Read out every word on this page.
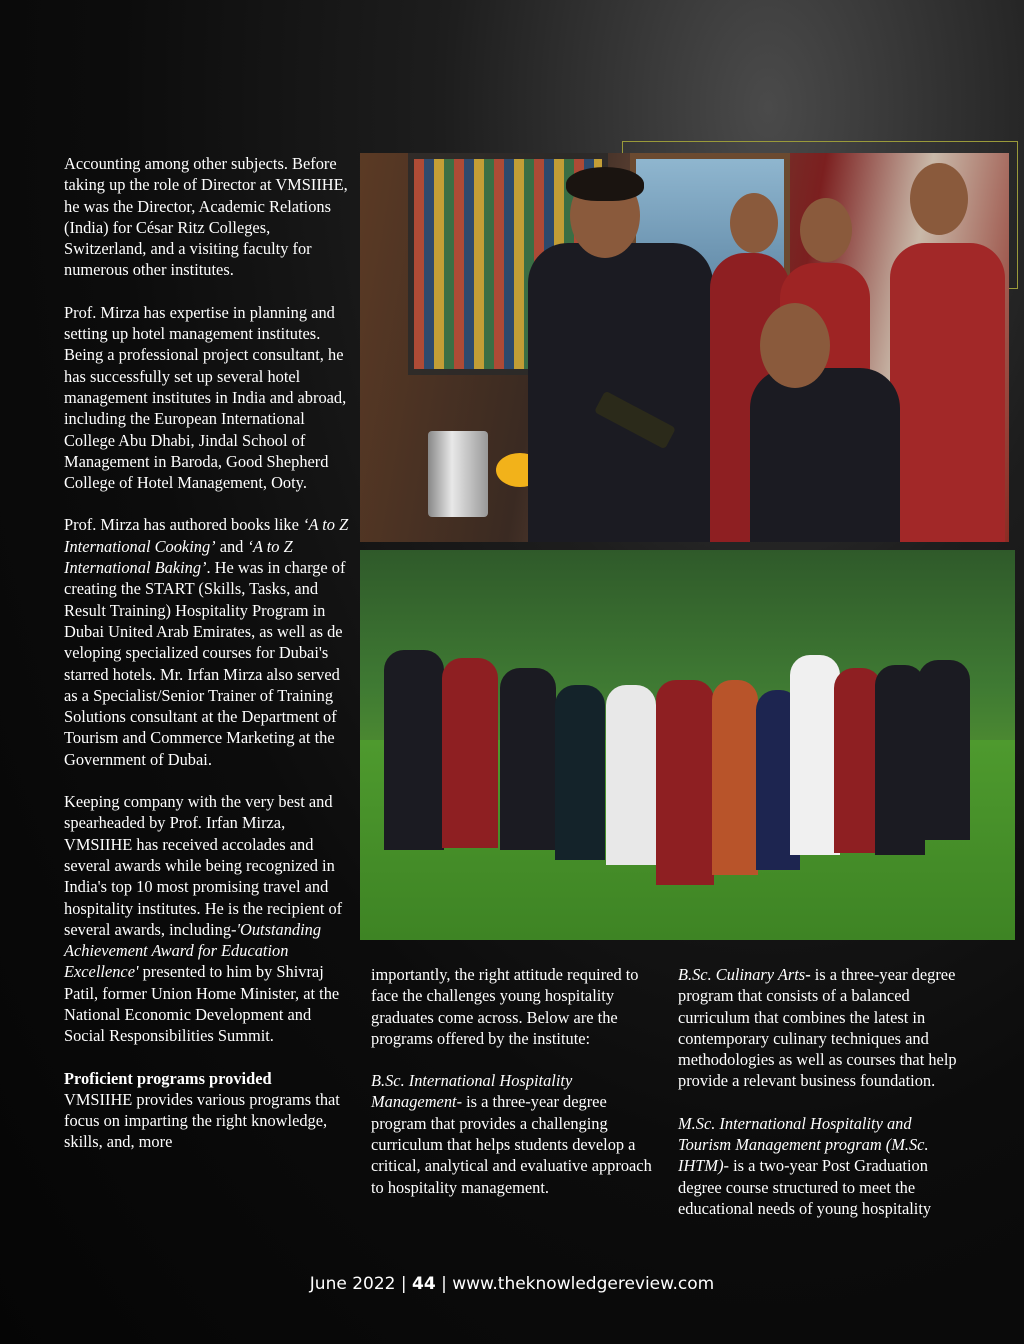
Accounting among other subjects. Before taking up the role of Director at VMSIIHE, he was the Director, Academic Relations (India) for César Ritz Colleges, Switzerland, and a visiting faculty for numerous other institutes.

Prof. Mirza has expertise in planning and setting up hotel management institutes. Being a professional project consultant, he has successfully set up several hotel management institutes in India and abroad, including the European International College Abu Dhabi, Jindal School of Management in Baroda, Good Shepherd College of Hotel Management, Ooty.

Prof. Mirza has authored books like ‘A to Z International Cooking’ and ‘A to Z International Baking’. He was in charge of creating the START (Skills, Tasks, and Result Training) Hospitality Program in Dubai United Arab Emirates, as well as de veloping specialized courses for Dubai's starred hotels. Mr. Irfan Mirza also served as a Specialist/Senior Trainer of Training Solutions consultant at the Department of Tourism and Commerce Marketing at the Government of Dubai.

Keeping company with the very best and spearheaded by Prof. Irfan Mirza, VMSIIHE has received accolades and several awards while being recognized in India's top 10 most promising travel and hospitality institutes. He is the recipient of several awards, including-'Outstanding Achievement Award for Education Excellence' presented to him by Shivraj Patil, former Union Home Minister, at the National Economic Development and Social Responsibilities Summit.

Proficient programs provided
VMSIIHE provides various programs that focus on imparting the right knowledge, skills, and, more

importantly, the right attitude required to face the challenges young hospitality graduates come across. Below are the programs offered by the institute:

B.Sc. International Hospitality Management- is a three-year degree program that provides a challenging curriculum that helps students develop a critical, analytical and evaluative approach to hospitality management.

B.Sc. Culinary Arts- is a three-year degree program that consists of a balanced curriculum that combines the latest in contemporary culinary techniques and methodologies as well as courses that help provide a relevant business foundation.

M.Sc. International Hospitality and Tourism Management program (M.Sc. IHTM)- is a two-year Post Graduation degree course structured to meet the educational needs of young hospitality

June 2022 | 44 | www.theknowledgereview.com
